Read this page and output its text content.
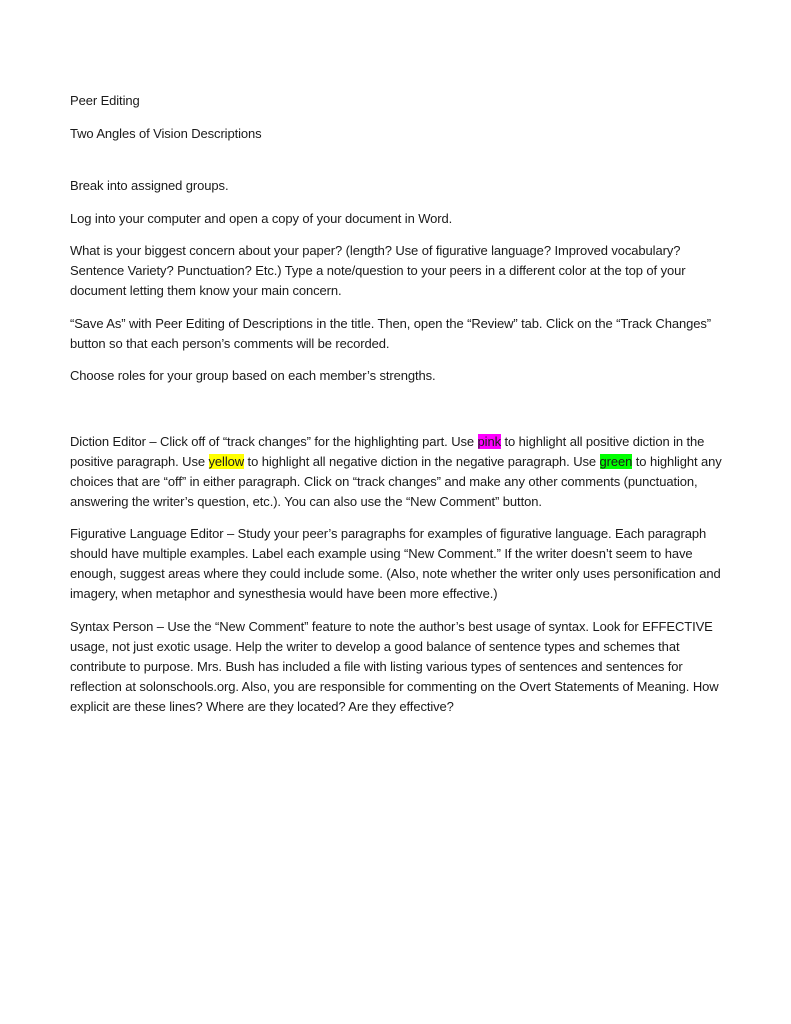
Peer Editing

Two Angles of Vision Descriptions

Break into assigned groups.

Log into your computer and open a copy of your document in Word.

What is your biggest concern about your paper? (length? Use of figurative language? Improved vocabulary? Sentence Variety? Punctuation? Etc.) Type a note/question to your peers in a different color at the top of your document letting them know your main concern.

“Save As” with Peer Editing of Descriptions in the title. Then, open the “Review” tab. Click on the “Track Changes” button so that each person’s comments will be recorded.

Choose roles for your group based on each member’s strengths.

Diction Editor – Click off of “track changes” for the highlighting part. Use pink to highlight all positive diction in the positive paragraph. Use yellow to highlight all negative diction in the negative paragraph. Use green to highlight any choices that are “off” in either paragraph. Click on “track changes” and make any other comments (punctuation, answering the writer’s question, etc.). You can also use the “New Comment” button.

Figurative Language Editor – Study your peer’s paragraphs for examples of figurative language. Each paragraph should have multiple examples. Label each example using “New Comment.” If the writer doesn’t seem to have enough, suggest areas where they could include some. (Also, note whether the writer only uses personification and imagery, when metaphor and synesthesia would have been more effective.)

Syntax Person – Use the “New Comment” feature to note the author’s best usage of syntax. Look for EFFECTIVE usage, not just exotic usage. Help the writer to develop a good balance of sentence types and schemes that contribute to purpose. Mrs. Bush has included a file with listing various types of sentences and sentences for reflection at solonschools.org. Also, you are responsible for commenting on the Overt Statements of Meaning. How explicit are these lines? Where are they located? Are they effective?
